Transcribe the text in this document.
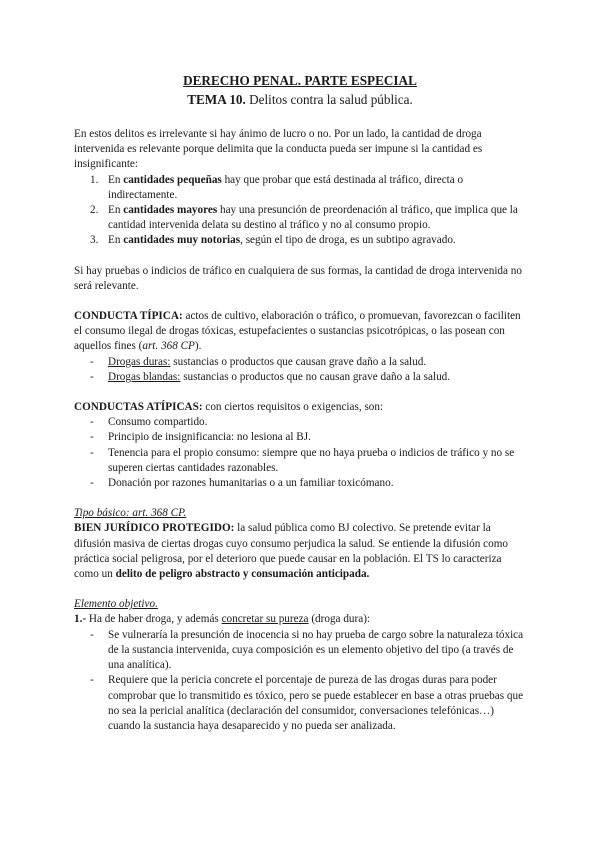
DERECHO PENAL. PARTE ESPECIAL

TEMA 10. Delitos contra la salud pública.

En estos delitos es irrelevante si hay ánimo de lucro o no. Por un lado, la cantidad de droga intervenida es relevante porque delimita que la conducta pueda ser impune si la cantidad es insignificante:

1. En cantidades pequeñas hay que probar que está destinada al tráfico, directa o indirectamente.
2. En cantidades mayores hay una presunción de preordenación al tráfico, que implica que la cantidad intervenida delata su destino al tráfico y no al consumo propio.
3. En cantidades muy notorias, según el tipo de droga, es un subtipo agravado.

Si hay pruebas o indicios de tráfico en cualquiera de sus formas, la cantidad de droga intervenida no será relevante.

CONDUCTA TÍPICA: actos de cultivo, elaboración o tráfico, o promuevan, favorezcan o faciliten el consumo ilegal de drogas tóxicas, estupefacientes o sustancias psicotrópicas, o las posean con aquellos fines (art. 368 CP).

- Drogas duras: sustancias o productos que causan grave daño a la salud.
- Drogas blandas: sustancias o productos que no causan grave daño a la salud.

CONDUCTAS ATÍPICAS: con ciertos requisitos o exigencias, son:

- Consumo compartido.
- Principio de insignificancia: no lesiona al BJ.
- Tenencia para el propio consumo: siempre que no haya prueba o indicios de tráfico y no se superen ciertas cantidades razonables.
- Donación por razones humanitarias o a un familiar toxicómano.

Tipo básico: art. 368 CP.

BIEN JURÍDICO PROTEGIDO: la salud pública como BJ colectivo. Se pretende evitar la difusión masiva de ciertas drogas cuyo consumo perjudica la salud. Se entiende la difusión como práctica social peligrosa, por el deterioro que puede causar en la población. El TS lo caracteriza como un delito de peligro abstracto y consumación anticipada.

Elemento objetivo.

1.- Ha de haber droga, y además concretar su pureza (droga dura):

- Se vulneraría la presunción de inocencia si no hay prueba de cargo sobre la naturaleza tóxica de la sustancia intervenida, cuya composición es un elemento objetivo del tipo (a través de una analítica).
- Requiere que la pericia concrete el porcentaje de pureza de las drogas duras para poder comprobar que lo transmitido es tóxico, pero se puede establecer en base a otras pruebas que no sea la pericial analítica (declaración del consumidor, conversaciones telefónicas…) cuando la sustancia haya desaparecido y no pueda ser analizada.
